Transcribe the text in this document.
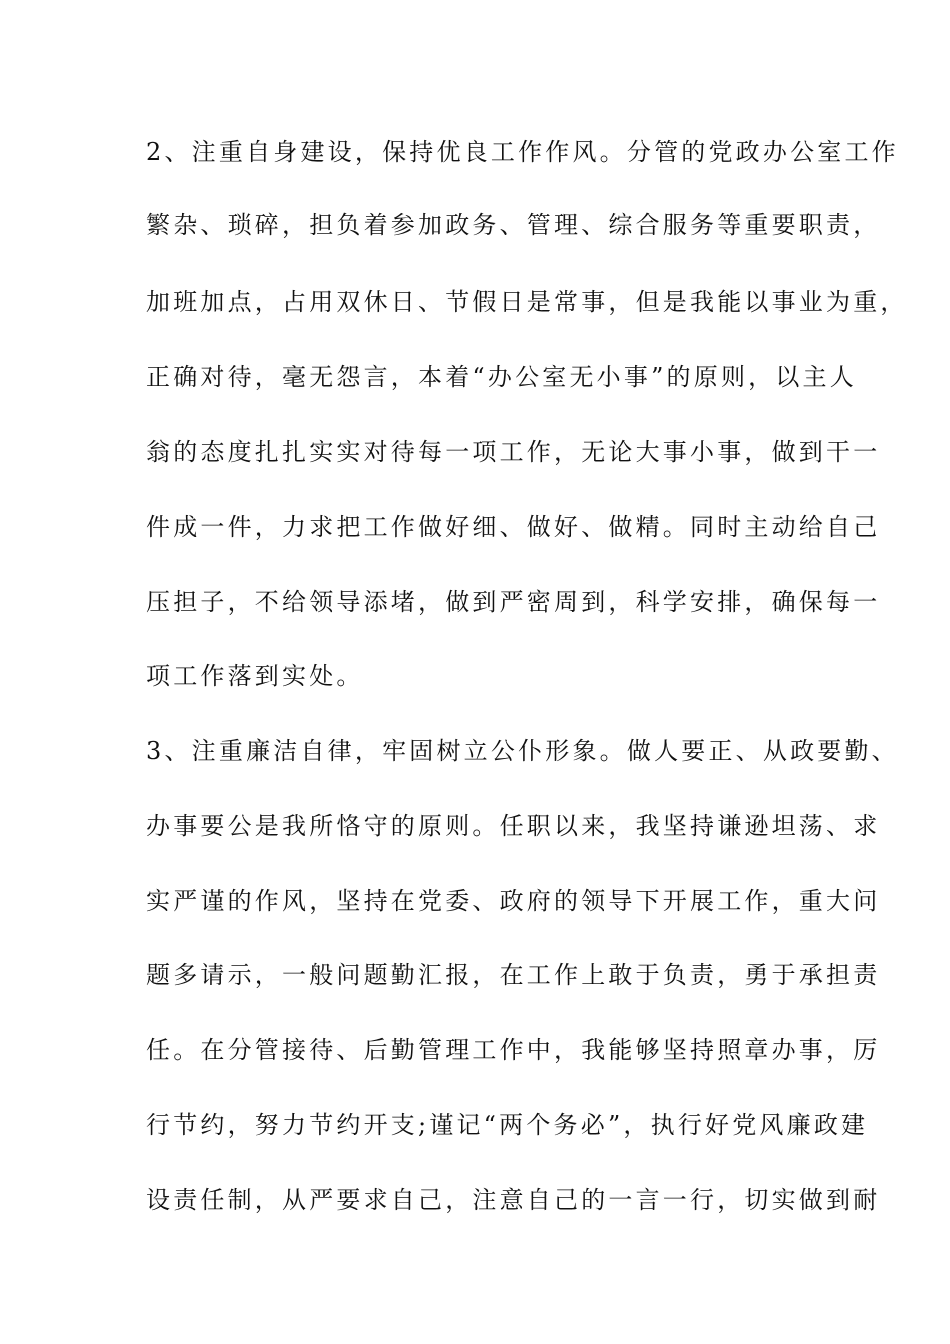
2、注重自身建设，保持优良工作作风。分管的党政办公室工作
繁杂、琐碎，担负着参加政务、管理、综合服务等重要职责，
加班加点，占用双休日、节假日是常事，但是我能以事业为重，
正确对待，毫无怨言，本着“办公室无小事”的原则，以主人
翁的态度扎扎实实对待每一项工作，无论大事小事，做到干一
件成一件，力求把工作做好细、做好、做精。同时主动给自己
压担子，不给领导添堵，做到严密周到，科学安排，确保每一
项工作落到实处。
3、注重廉洁自律，牢固树立公仆形象。做人要正、从政要勤、
办事要公是我所恪守的原则。任职以来，我坚持谦逊坦荡、求
实严谨的作风，坚持在党委、政府的领导下开展工作，重大问
题多请示，一般问题勤汇报，在工作上敢于负责，勇于承担责
任。在分管接待、后勤管理工作中，我能够坚持照章办事，厉
行节约，努力节约开支;谨记“两个务必”，执行好党风廉政建
设责任制，从严要求自己，注意自己的一言一行，切实做到耐
